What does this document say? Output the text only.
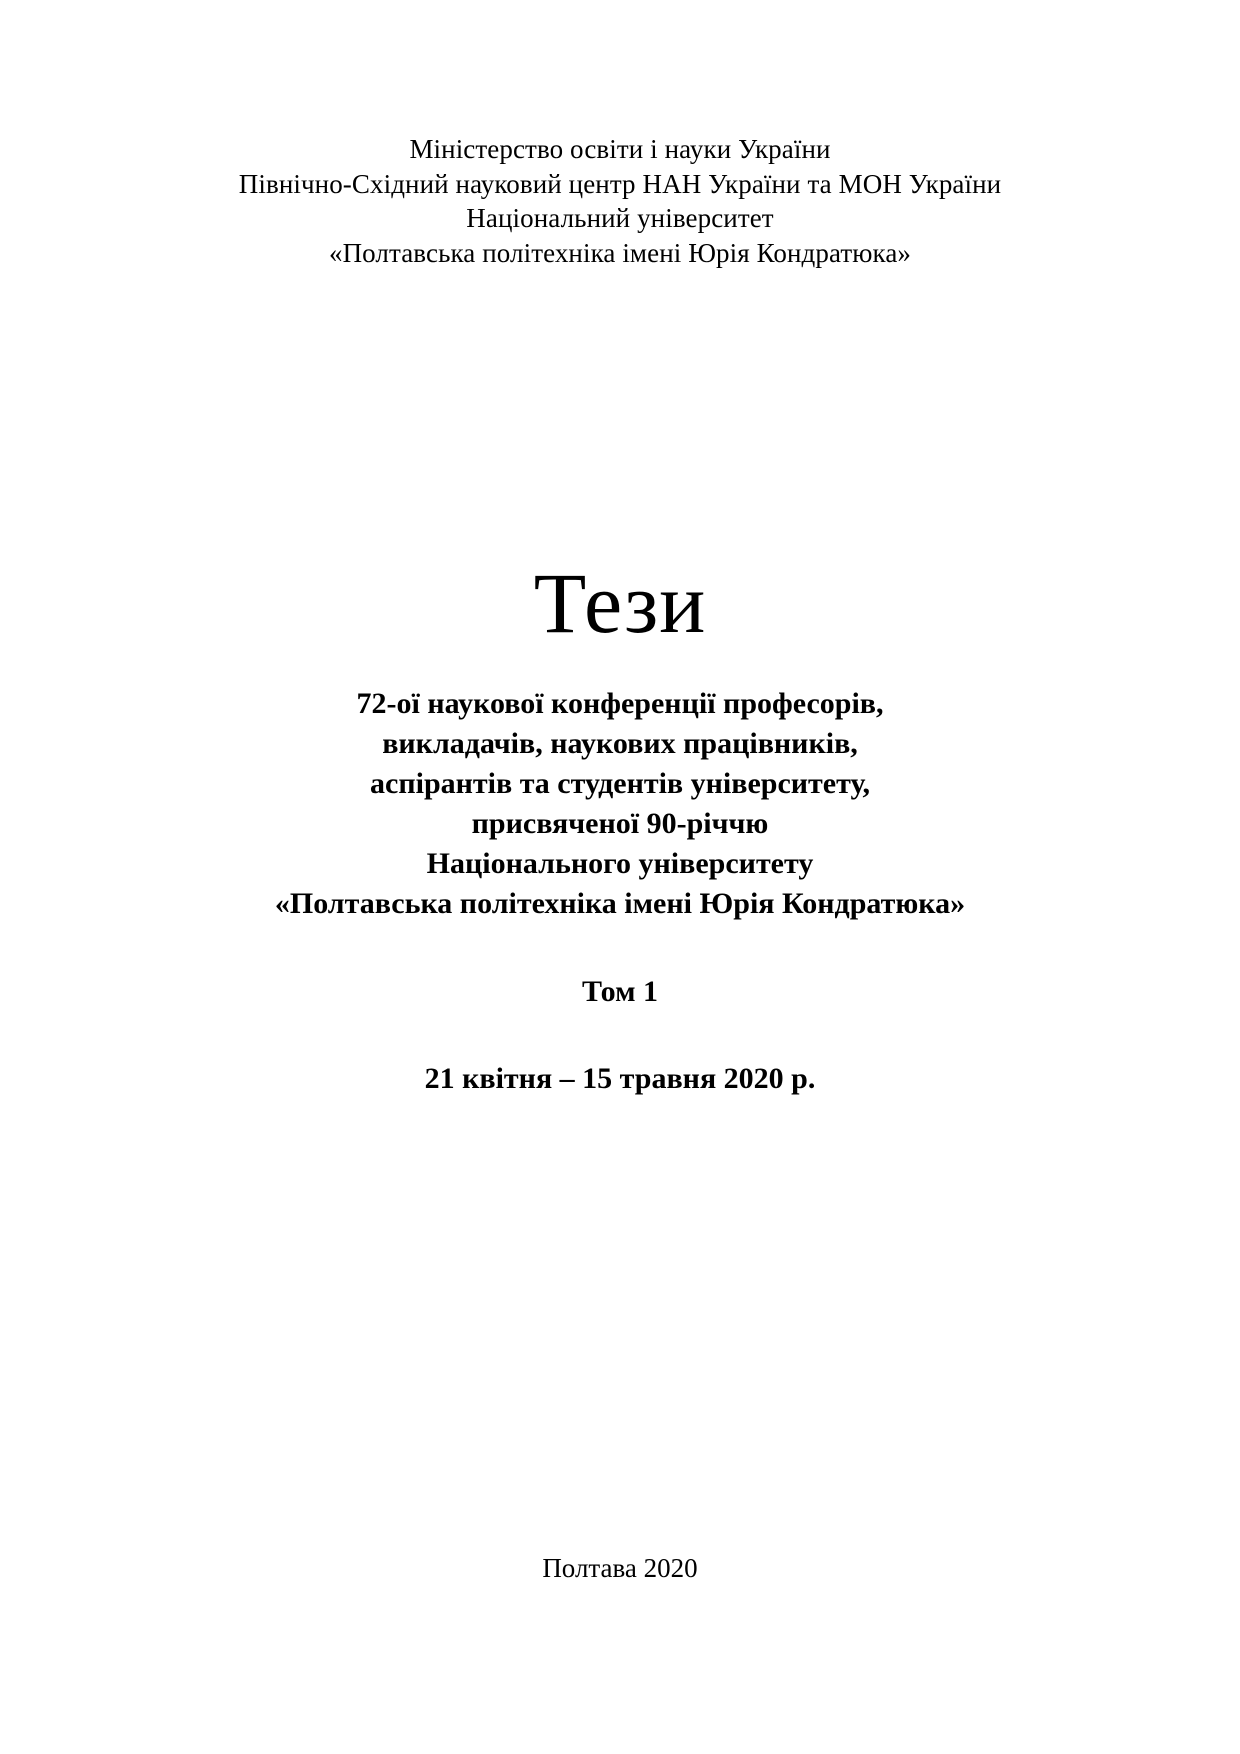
Міністерство освіти і науки України
Північно-Східний науковий центр НАН України та МОН України
Національний університет
«Полтавська політехніка імені Юрія Кондратюка»
Тези
72-ої наукової конференції професорів,
викладачів, наукових працівників,
аспірантів та студентів університету,
присвяченої 90-річчю
Національного університету
«Полтавська політехніка імені Юрія Кондратюка»
Том 1
21 квітня – 15 травня 2020 р.
Полтава 2020
